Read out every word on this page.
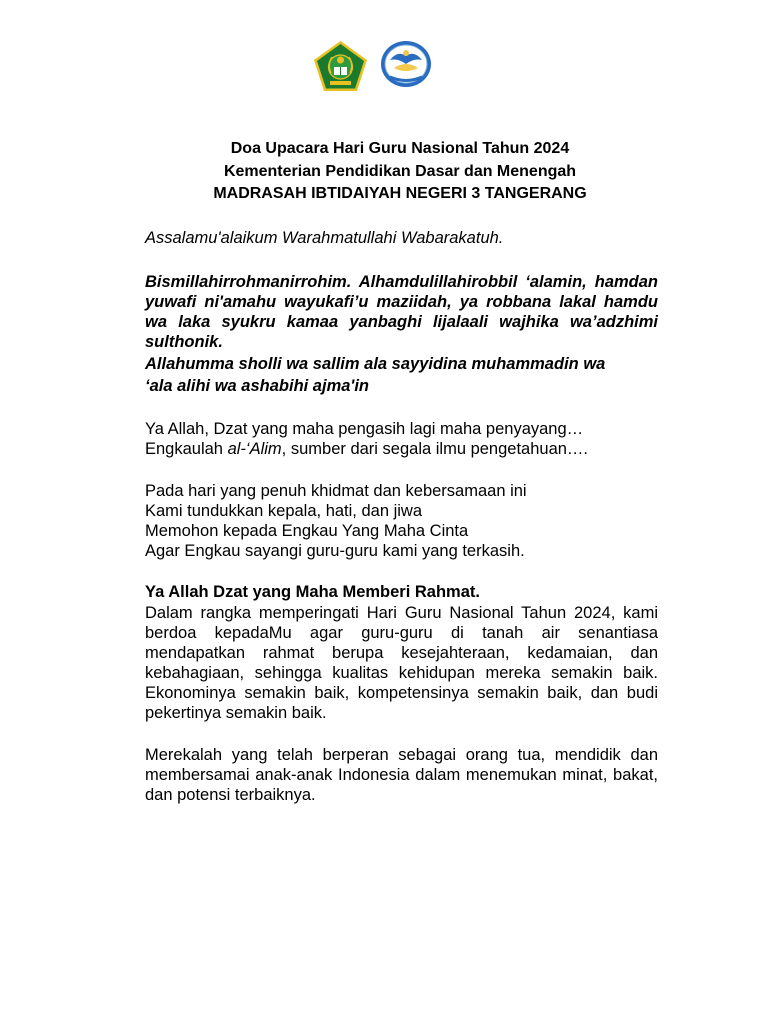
Doa Upacara Hari Guru Nasional Tahun 2024
Kementerian Pendidikan Dasar dan Menengah
MADRASAH IBTIDAIYAH NEGERI 3 TANGERANG
Assalamu'alaikum Warahmatullahi Wabarakatuh.
Bismillahirrohmanirrohim. Alhamdulillahirobbil ‘alamin, hamdan yuwafi ni'amahu wayukafi’u maziidah, ya robbana lakal hamdu wa laka syukru kamaa yanbaghi lijalaali wajhika wa’adzhimi sulthonik.
Allahumma sholli wa sallim ala sayyidina muhammadin wa
‘ala alihi wa ashabihi ajma'in
Ya Allah, Dzat yang maha pengasih lagi maha penyayang…
Engkaulah al-‘Alim, sumber dari segala ilmu pengetahuan….
Pada hari yang penuh khidmat dan kebersamaan ini
Kami tundukkan kepala, hati, dan jiwa
Memohon kepada Engkau Yang Maha Cinta
Agar Engkau sayangi guru-guru kami yang terkasih.
Ya Allah Dzat yang Maha Memberi Rahmat.
Dalam rangka memperingati Hari Guru Nasional Tahun 2024, kami berdoa kepadaMu agar guru-guru di tanah air senantiasa mendapatkan rahmat berupa kesejahteraan, kedamaian, dan kebahagiaan, sehingga kualitas kehidupan mereka semakin baik. Ekonominya semakin baik, kompetensinya semakin baik, dan budi pekertinya semakin baik.
Merekalah yang telah berperan sebagai orang tua, mendidik dan membersamai anak-anak Indonesia dalam menemukan minat, bakat, dan potensi terbaiknya.
